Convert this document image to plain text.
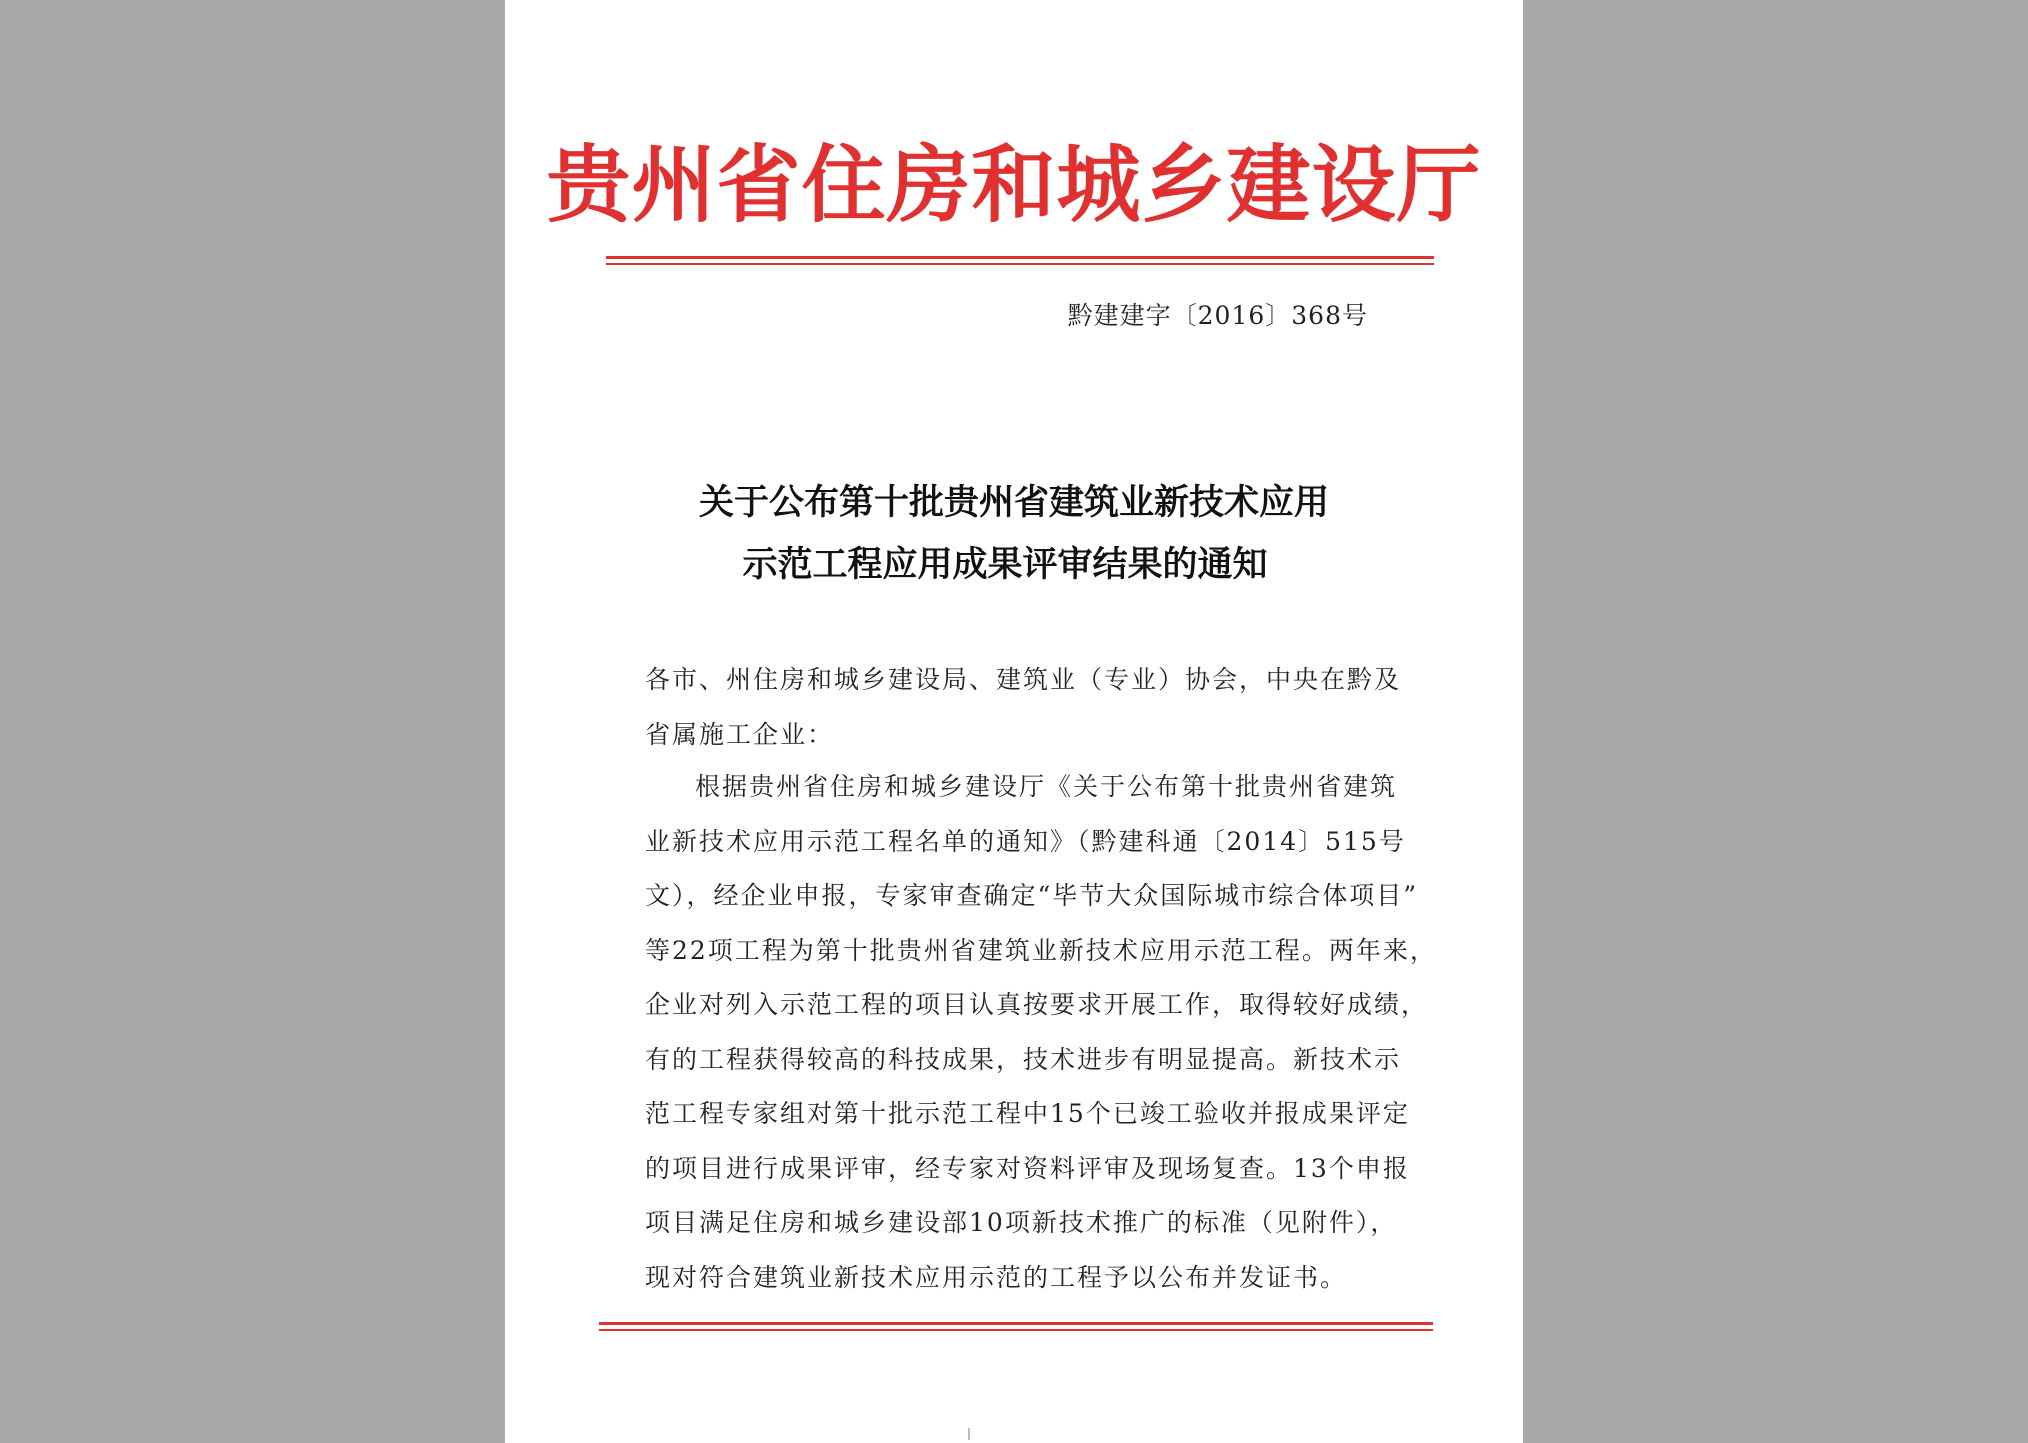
贵州省住房和城乡建设厅
黔建建字〔2016〕368号
关于公布第十批贵州省建筑业新技术应用
示范工程应用成果评审结果的通知
各市、州住房和城乡建设局、建筑业（专业）协会，中央在黔及
省属施工企业：
根据贵州省住房和城乡建设厅《关于公布第十批贵州省建筑
业新技术应用示范工程名单的通知》（黔建科通〔2014〕515号
文），经企业申报，专家审查确定“毕节大众国际城市综合体项目”
等22项工程为第十批贵州省建筑业新技术应用示范工程。两年来，
企业对列入示范工程的项目认真按要求开展工作，取得较好成绩，
有的工程获得较高的科技成果，技术进步有明显提高。新技术示
范工程专家组对第十批示范工程中15个已竣工验收并报成果评定
的项目进行成果评审，经专家对资料评审及现场复查。13个申报
项目满足住房和城乡建设部10项新技术推广的标准（见附件），
现对符合建筑业新技术应用示范的工程予以公布并发证书。
